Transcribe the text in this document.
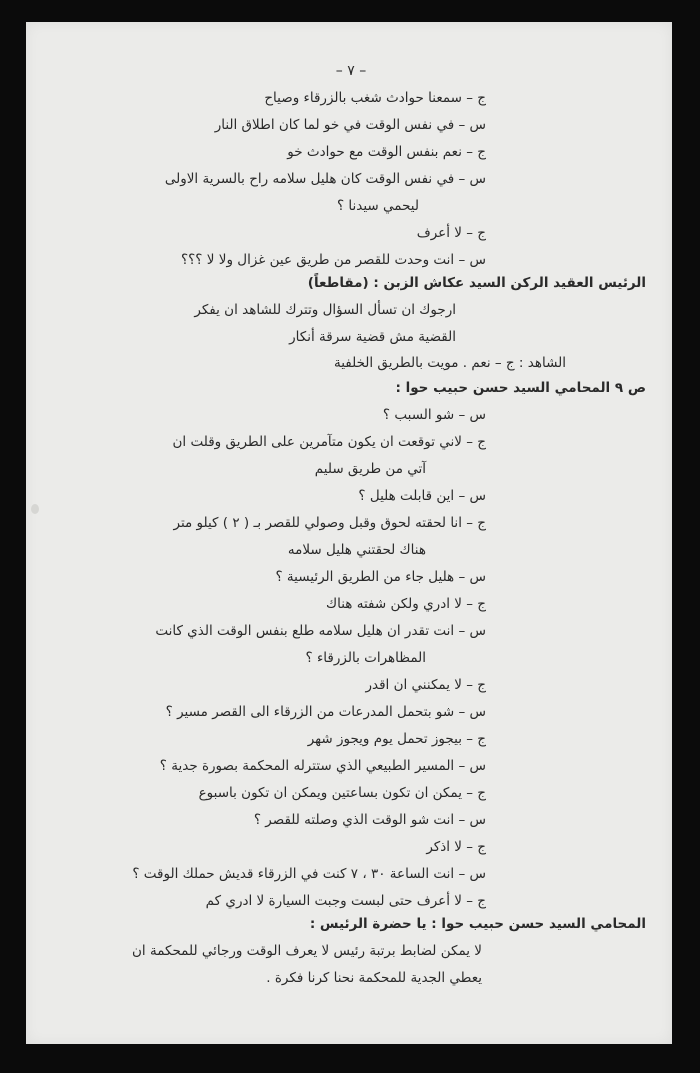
– ٧ –
ج – سمعنا حوادث شغب بالزرقاء وصياح
س – في نفس الوقت في خو لما كان اطلاق النار
ج – نعم بنفس الوقت مع حوادث خو
س – في نفس الوقت كان هليل سلامه راح بالسرية الاولى
ليحمي سيدنا ؟
ج – لا أعرف
س – انت وحدت للقصر من طريق عين غزال ولا لا ؟؟؟
الرئيس العقيد الركن السيد عكاش الزبن : (مقاطعاً)
ارجوك ان تسأل السؤال وتترك للشاهد ان يفكر
القضية مش قضية سرقة أنكار
الشاهد : ج – نعم . مويت بالطريق الخلفية
ص ٩ المحامي السيد حسن حبيب حوا :
س – شو السبب ؟
ج – لاني توقعت ان يكون متآمرين على الطريق وقلت ان
آتي من طريق سليم
س – اين قابلت هليل ؟
ج – انا لحقته لحوق وقبل وصولي للقصر بـ ( ٢ ) كيلو متر
هناك لحقتني هليل سلامه
س – هليل جاء من الطريق الرئيسية ؟
ج – لا ادري ولكن شفته هناك
س – انت تقدر ان هليل سلامه طلع بنفس الوقت الذي كانت
المظاهرات بالزرقاء ؟
ج – لا يمكنني ان اقدر
س – شو بتحمل المدرعات من الزرقاء الى القصر مسير ؟
ج – بيجوز تحمل يوم ويجوز شهر
س – المسير الطبيعي الذي ستترله المحكمة بصورة جدية ؟
ج – يمكن ان تكون بساعتين ويمكن ان تكون باسبوع
س – انت شو الوقت الذي وصلته للقصر ؟
ج – لا اذكر
س – انت الساعة ٣٠ ، ٧ كنت في الزرقاء قديش حملك الوقت ؟
ج – لا أعرف حتى لبست وجبت السيارة لا ادري كم
المحامي السيد حسن حبيب حوا : يا حضرة الرئيس :
لا يمكن لضابط برتبة رئيس لا يعرف الوقت ورجائي للمحكمة ان
يعطي الجدية للمحكمة نحنا كرنا فكرة .
